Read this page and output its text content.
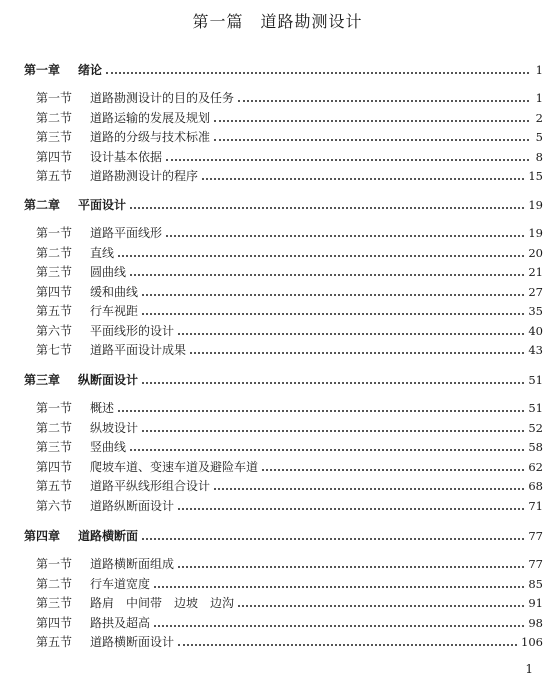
第一篇　道路勘测设计
第一章	绪论	1
第一节	道路勘测设计的目的及任务	1
第二节	道路运输的发展及规划	2
第三节	道路的分级与技术标准	5
第四节	设计基本依据	8
第五节	道路勘测设计的程序	15
第二章	平面设计	19
第一节	道路平面线形	19
第二节	直线	20
第三节	圆曲线	21
第四节	缓和曲线	27
第五节	行车视距	35
第六节	平面线形的设计	40
第七节	道路平面设计成果	43
第三章	纵断面设计	51
第一节	概述	51
第二节	纵坡设计	52
第三节	竖曲线	58
第四节	爬坡车道、变速车道及避险车道	62
第五节	道路平纵线形组合设计	68
第六节	道路纵断面设计	71
第四章	道路横断面	77
第一节	道路横断面组成	77
第二节	行车道宽度	85
第三节	路肩　中间带　边坡　边沟	91
第四节	路拱及超高	98
第五节	道路横断面设计	106
1
